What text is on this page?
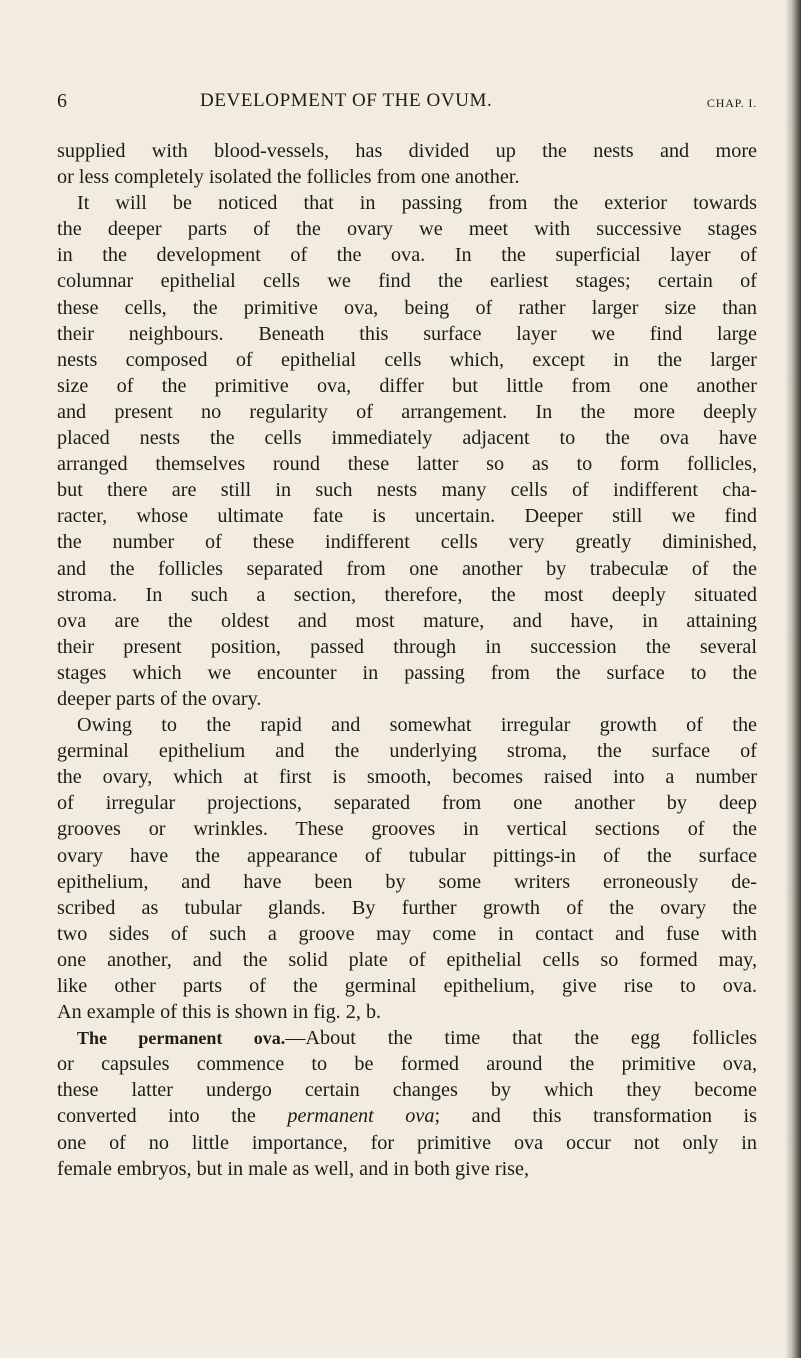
6	DEVELOPMENT OF THE OVUM.	CHAP. I.
supplied with blood-vessels, has divided up the nests and more
or less completely isolated the follicles from one another.
It will be noticed that in passing from the exterior towards
the deeper parts of the ovary we meet with successive stages
in the development of the ova. In the superficial layer of
columnar epithelial cells we find the earliest stages; certain of
these cells, the primitive ova, being of rather larger size than
their neighbours. Beneath this surface layer we find large
nests composed of epithelial cells which, except in the larger
size of the primitive ova, differ but little from one another
and present no regularity of arrangement. In the more deeply
placed nests the cells immediately adjacent to the ova have
arranged themselves round these latter so as to form follicles,
but there are still in such nests many cells of indifferent cha-
racter, whose ultimate fate is uncertain. Deeper still we find
the number of these indifferent cells very greatly diminished,
and the follicles separated from one another by trabeculæ of the
stroma. In such a section, therefore, the most deeply situated
ova are the oldest and most mature, and have, in attaining
their present position, passed through in succession the several
stages which we encounter in passing from the surface to the
deeper parts of the ovary.
Owing to the rapid and somewhat irregular growth of the
germinal epithelium and the underlying stroma, the surface of
the ovary, which at first is smooth, becomes raised into a number
of irregular projections, separated from one another by deep
grooves or wrinkles. These grooves in vertical sections of the
ovary have the appearance of tubular pittings-in of the surface
epithelium, and have been by some writers erroneously de-
scribed as tubular glands. By further growth of the ovary the
two sides of such a groove may come in contact and fuse with
one another, and the solid plate of epithelial cells so formed may,
like other parts of the germinal epithelium, give rise to ova.
An example of this is shown in fig. 2, b.
The permanent ova.—About the time that the egg follicles
or capsules commence to be formed around the primitive ova,
these latter undergo certain changes by which they become
converted into the permanent ova; and this transformation is
one of no little importance, for primitive ova occur not only in
female embryos, but in male as well, and in both give rise,
